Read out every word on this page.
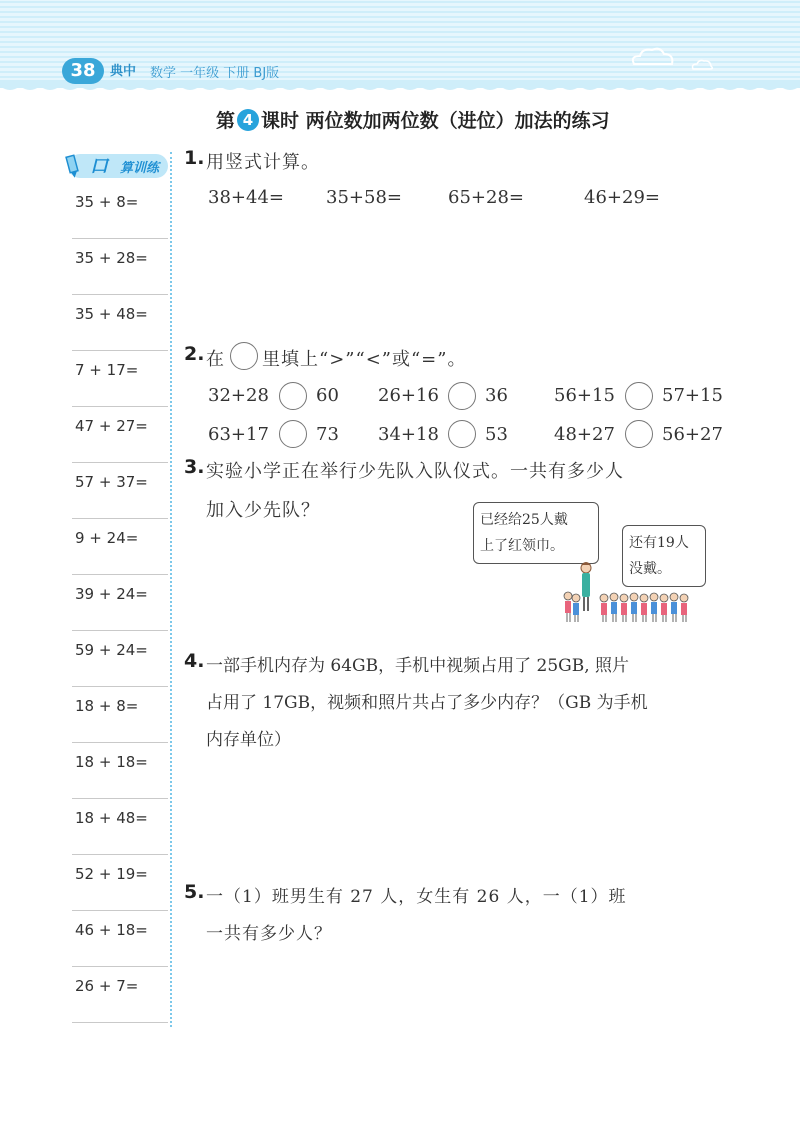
38	典中 数学 一年级 下册 BJ版
第 4 课时 两位数加两位数（进位）加法的练习
口 算训练
35 + 8=
35 + 28=
35 + 48=
7 + 17=
47 + 27=
57 + 37=
9 + 24=
39 + 24=
59 + 24=
18 + 8=
18 + 18=
18 + 48=
52 + 19=
46 + 18=
26 + 7=
1. 用竖式计算。
38+44= 35+58=	65+28=	46+29=
2. 在 里填上“>”“<”或“=”。
32+28	60 26+16	36	56+15	57+15
63+17	73 34+18	53	48+27	56+27
3. 实验小学正在举行少先队入队仪式。一共有多少人
加入少先队？	已经给25人戴
上了红领巾。	还有19人
没戴。
4. 一部手机内存为 64GB，手机中视频占用了 25GB, 照片
占用了 17GB，视频和照片共占了多少内存？（GB 为手机
内存单位）
5. 一（1）班男生有 27 人，女生有 26 人，一（1）班
一共有多少人？
